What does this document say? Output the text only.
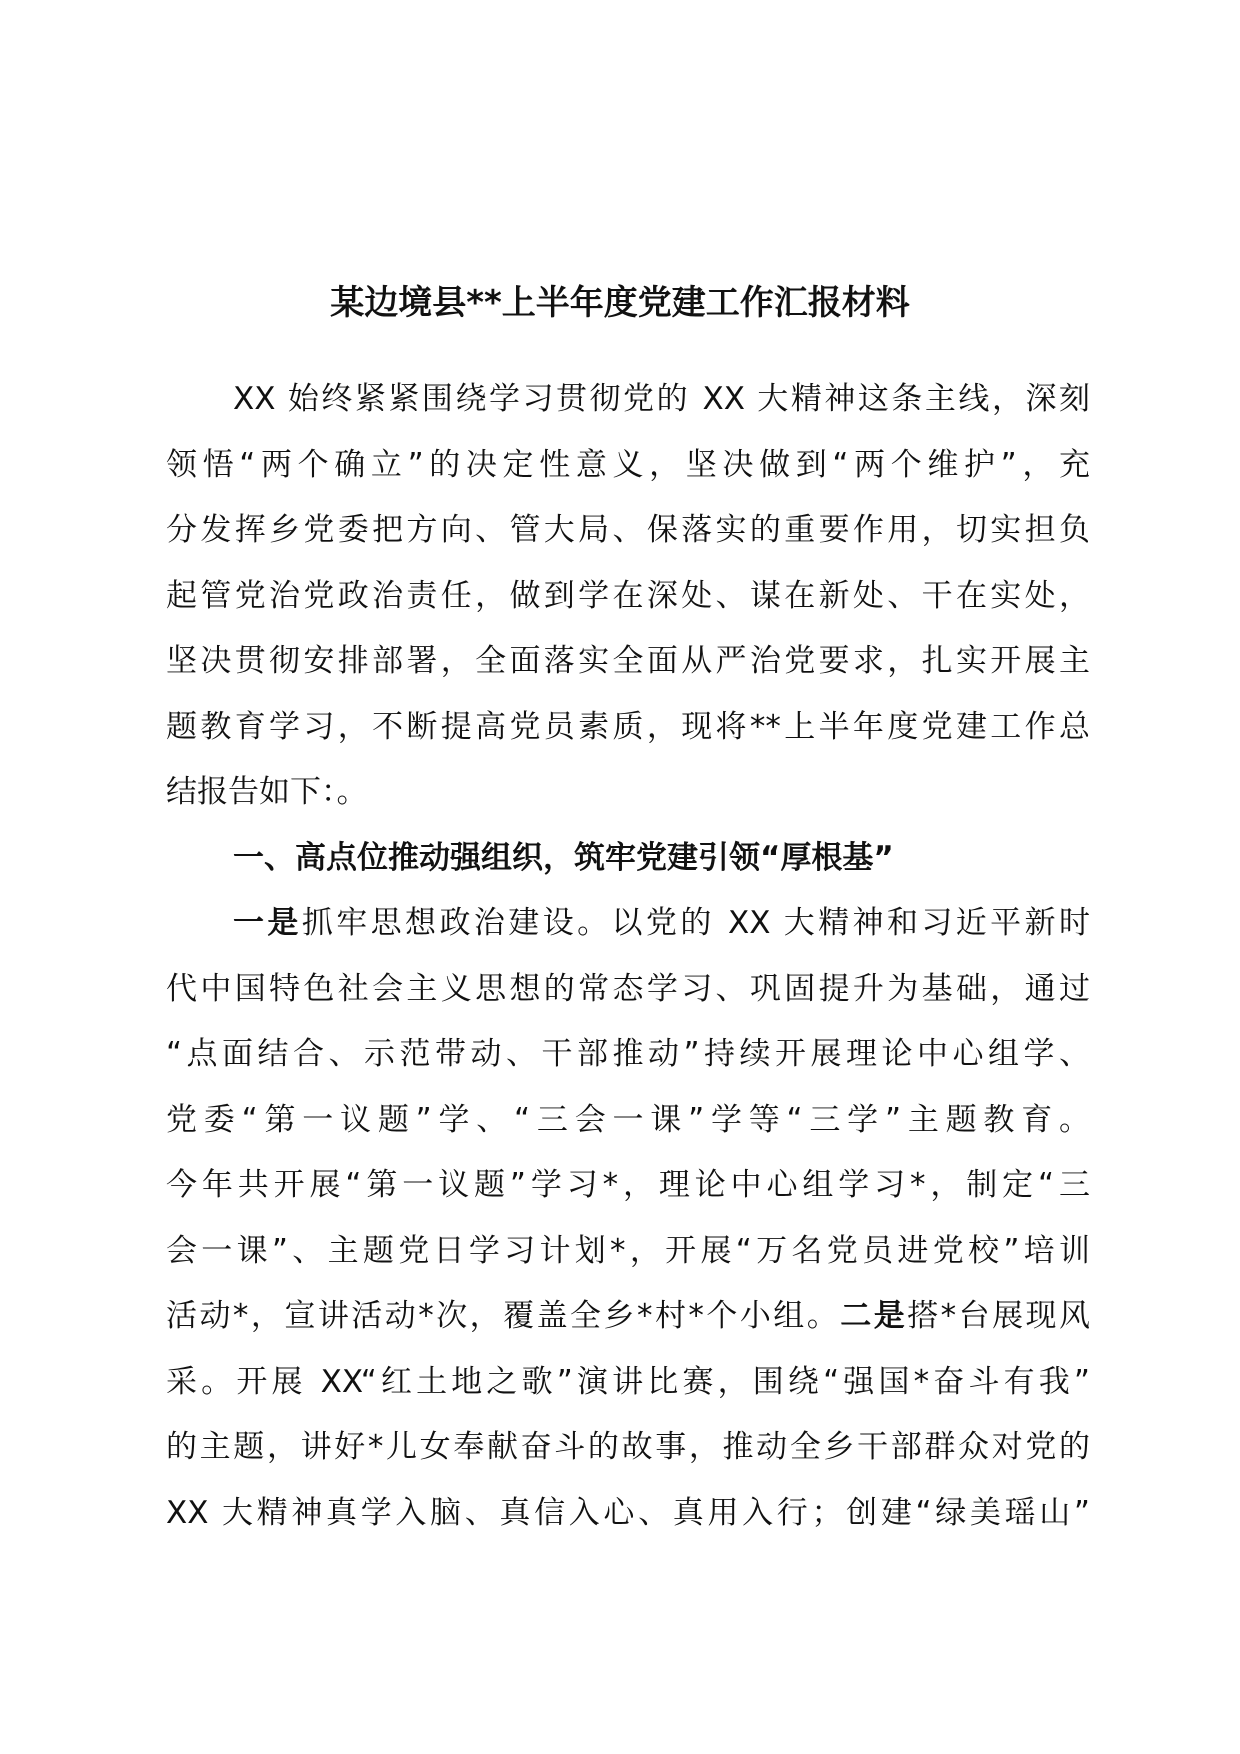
某边境县**上半年度党建工作汇报材料
XX 始终紧紧围绕学习贯彻党的 XX 大精神这条主线，深刻
领悟“两个确立”的决定性意义，坚决做到“两个维护”，充
分发挥乡党委把方向、管大局、保落实的重要作用，切实担负
起管党治党政治责任，做到学在深处、谋在新处、干在实处，
坚决贯彻安排部署，全面落实全面从严治党要求，扎实开展主
题教育学习，不断提高党员素质，现将**上半年度党建工作总
结报告如下：。
一、高点位推动强组织，筑牢党建引领“厚根基”
一是抓牢思想政治建设。以党的 XX 大精神和习近平新时
代中国特色社会主义思想的常态学习、巩固提升为基础，通过
“点面结合、示范带动、干部推动”持续开展理论中心组学、
党委“第一议题”学、“三会一课”学等“三学”主题教育。
今年共开展“第一议题”学习*，理论中心组学习*，制定“三
会一课”、主题党日学习计划*，开展“万名党员进党校”培训
活动*，宣讲活动*次，覆盖全乡*村*个小组。二是搭*台展现风
采。开展 XX“红土地之歌”演讲比赛，围绕“强国*奋斗有我”
的主题，讲好*儿女奉献奋斗的故事，推动全乡干部群众对党的
XX 大精神真学入脑、真信入心、真用入行；创建“绿美瑶山”
